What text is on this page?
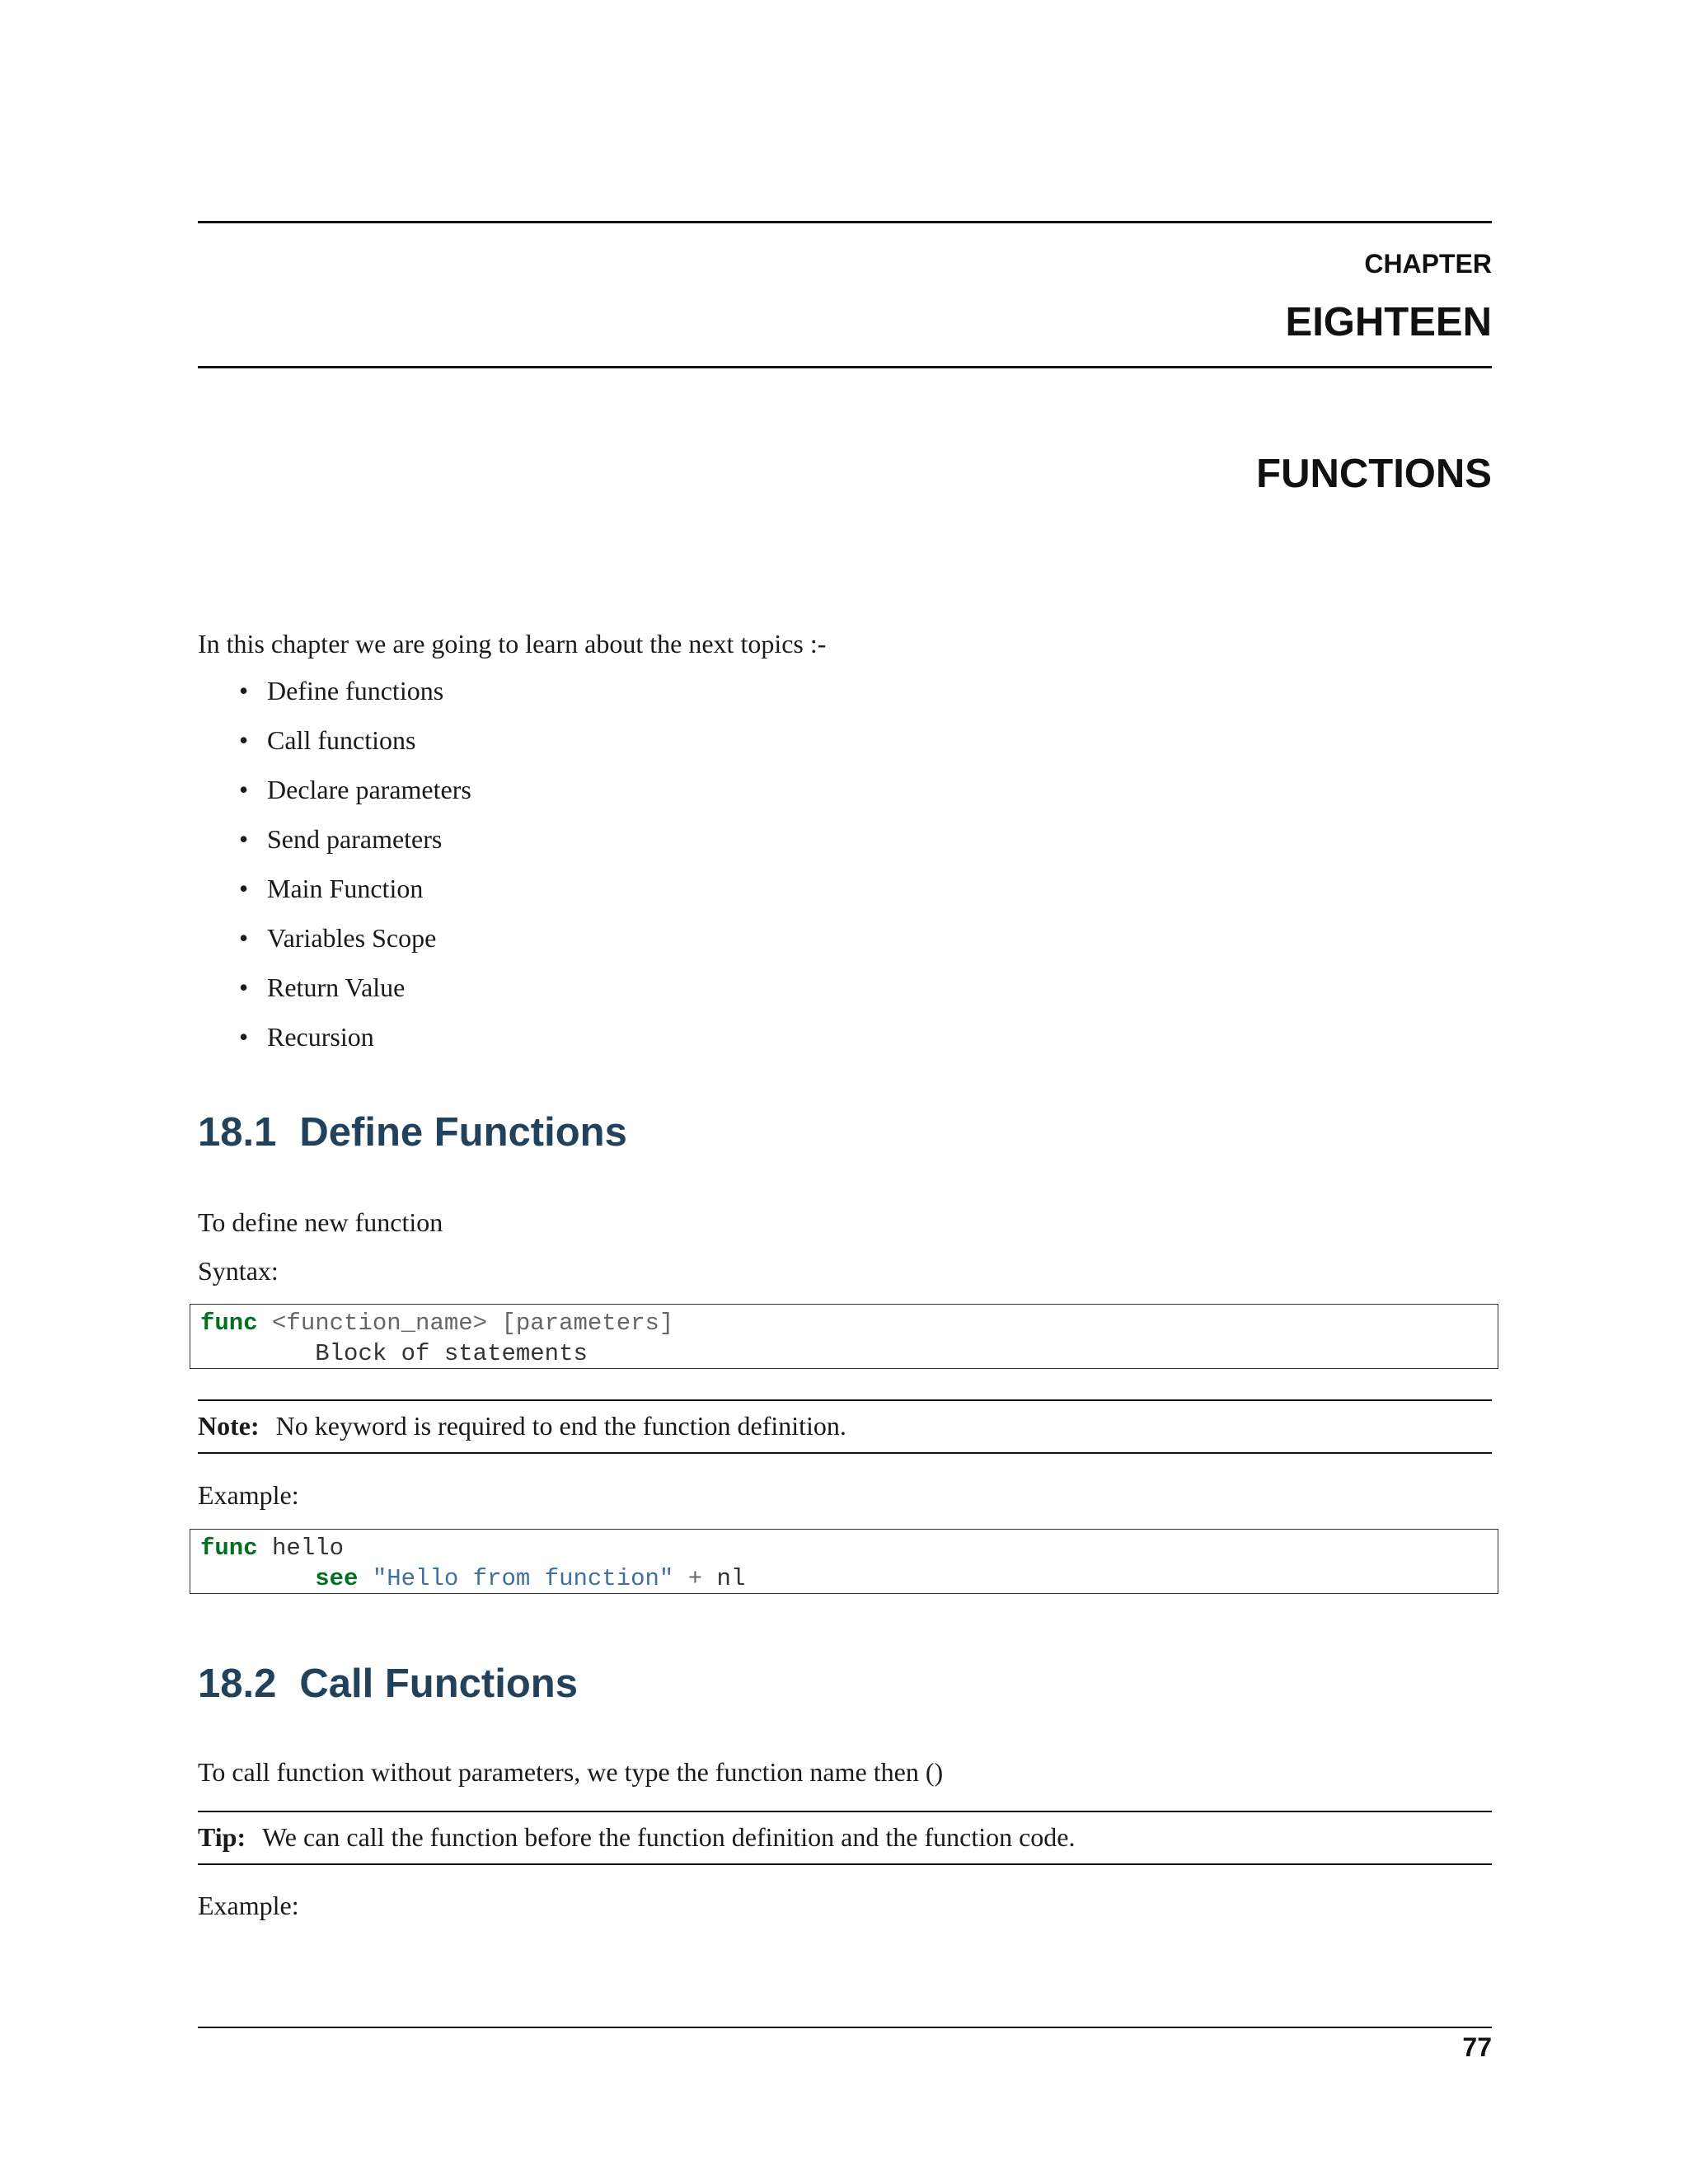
CHAPTER
EIGHTEEN
FUNCTIONS
In this chapter we are going to learn about the next topics :-
• Define functions
• Call functions
• Declare parameters
• Send parameters
• Main Function
• Variables Scope
• Return Value
• Recursion
18.1 Define Functions
To define new function
Syntax:
func <function_name> [parameters]
Block of statements
Note: No keyword is required to end the function definition.
Example:
func hello
see "Hello from function" + nl
18.2 Call Functions
To call function without parameters, we type the function name then ()
Tip: We can call the function before the function definition and the function code.
Example:
77
